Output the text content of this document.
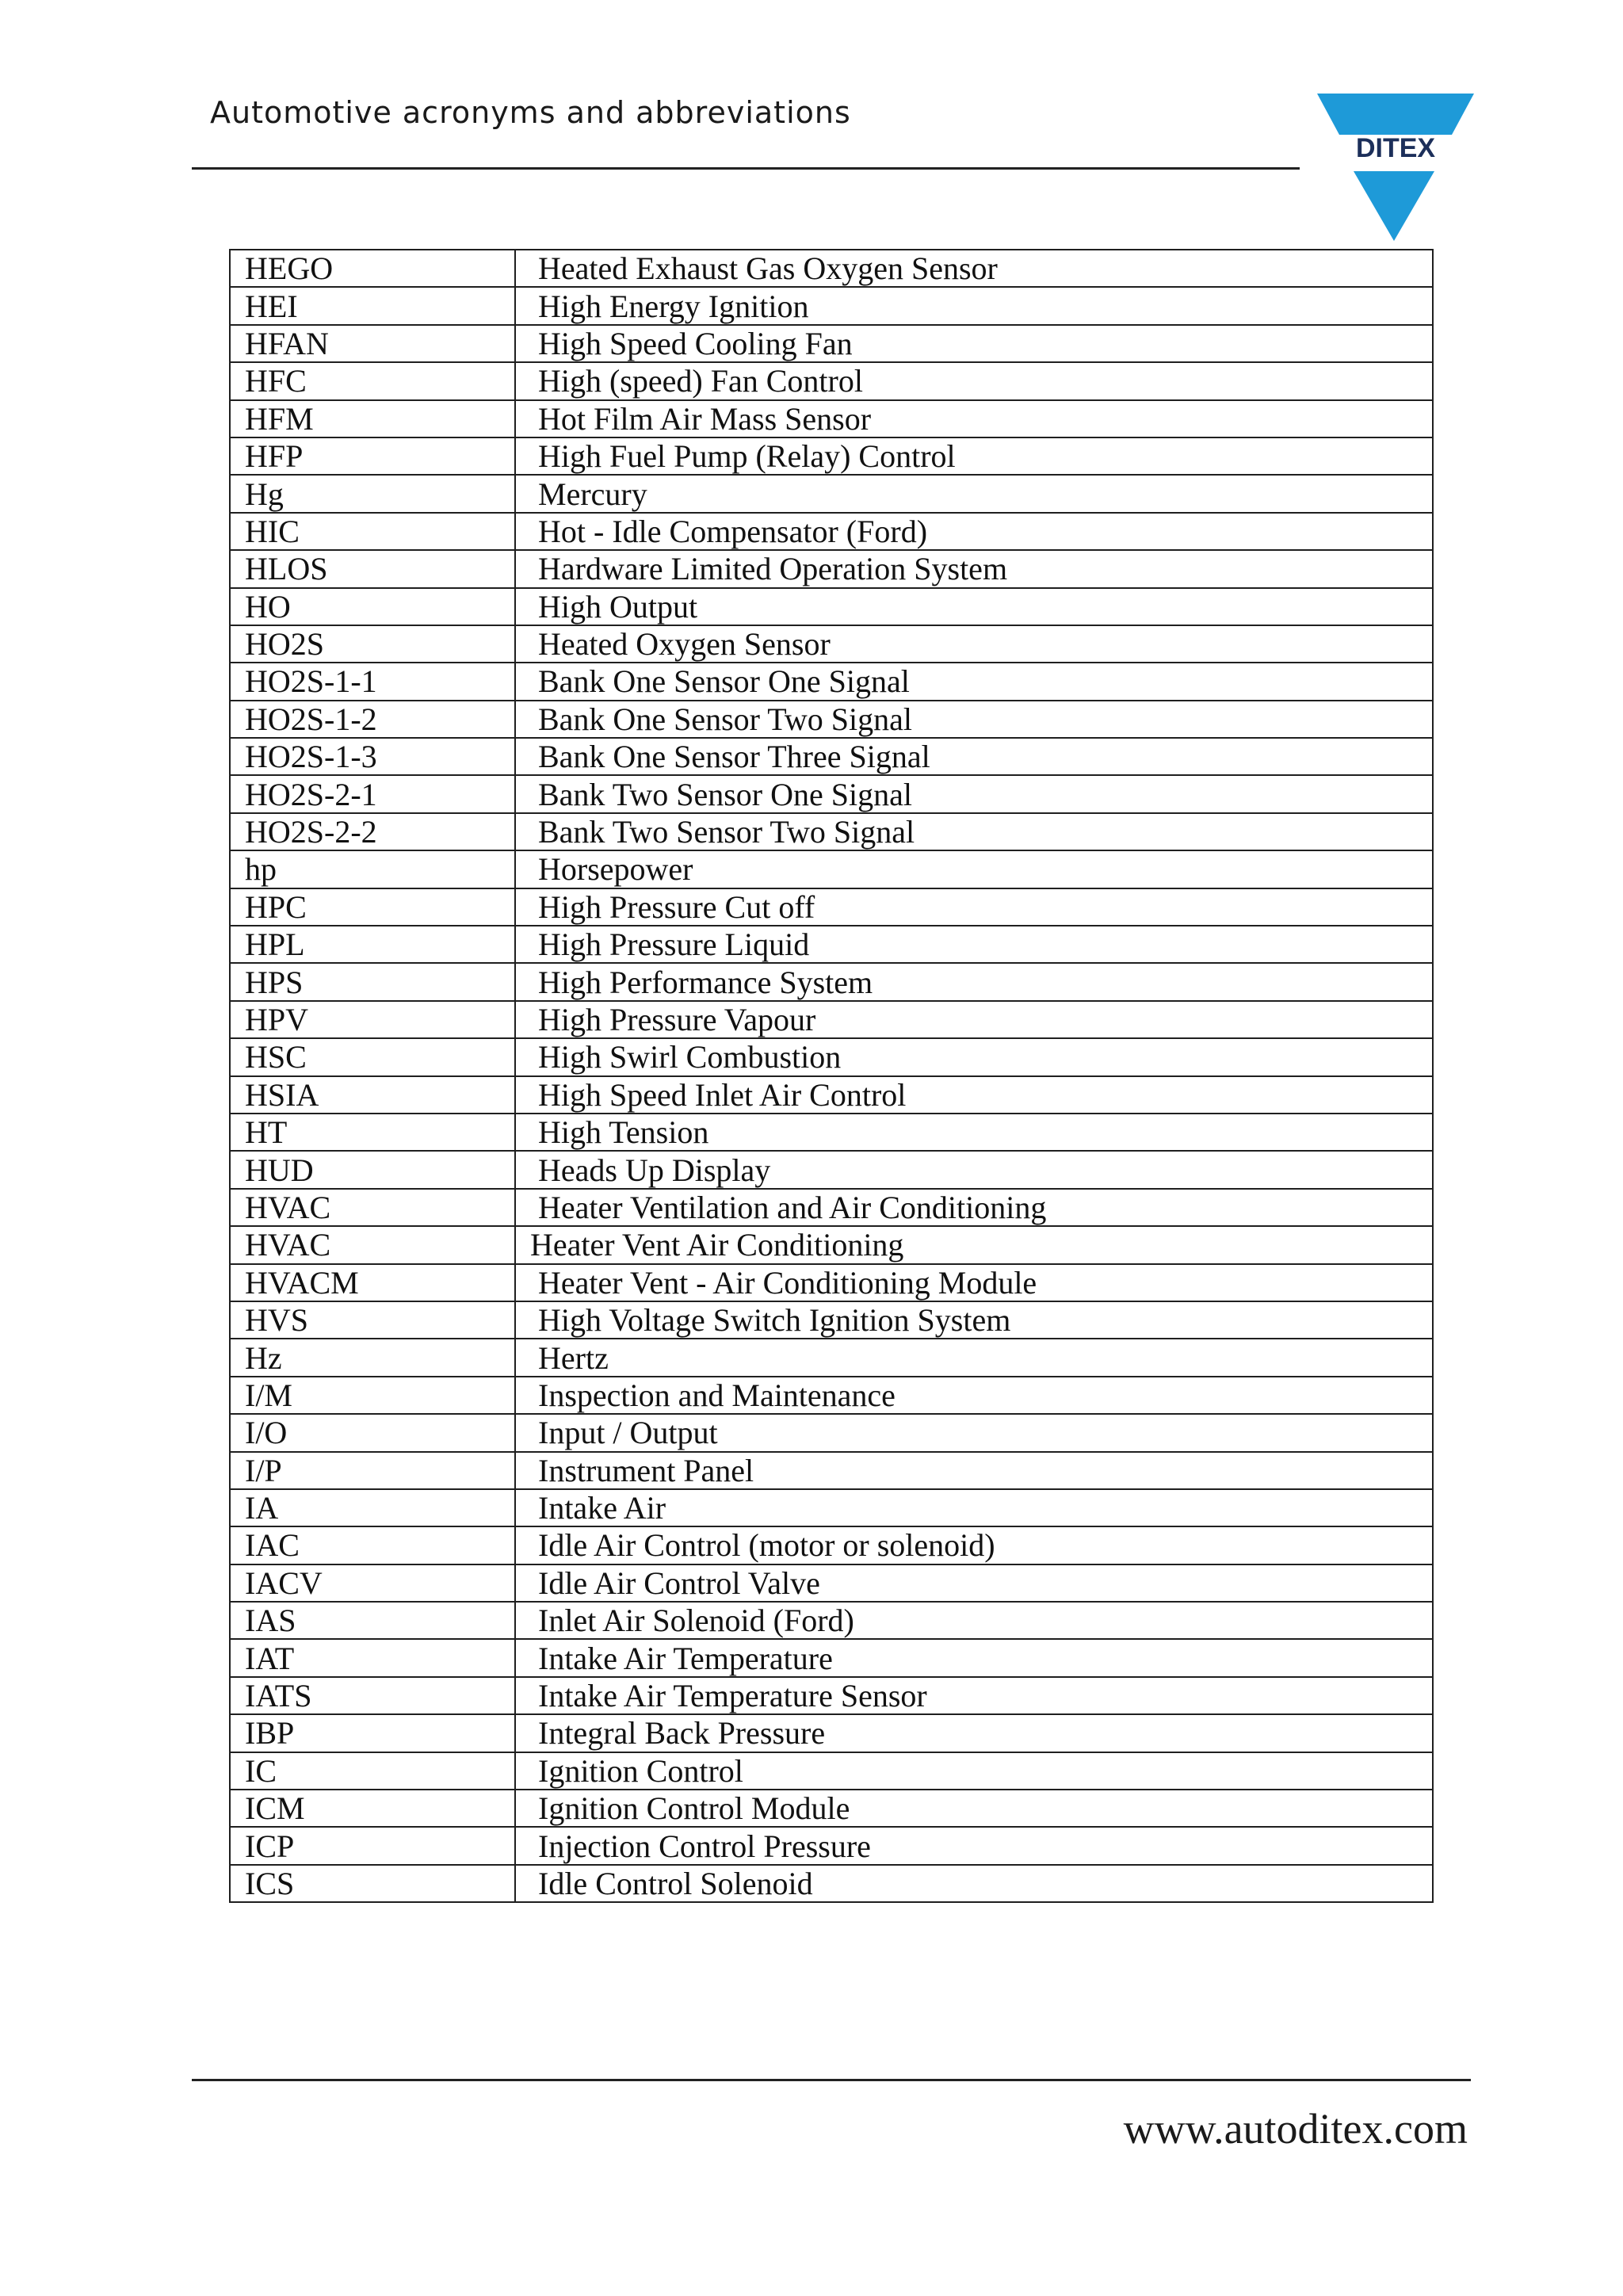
Automotive acronyms and abbreviations
DITEX
HEGO	Heated Exhaust Gas Oxygen Sensor
HEI	High Energy Ignition
HFAN	High Speed Cooling Fan
HFC	High (speed) Fan Control
HFM	Hot Film Air Mass Sensor
HFP	High Fuel Pump (Relay) Control
Hg	Mercury
HIC	Hot - Idle Compensator (Ford)
HLOS	Hardware Limited Operation System
HO	High Output
HO2S	Heated Oxygen Sensor
HO2S-1-1	Bank One Sensor One Signal
HO2S-1-2	Bank One Sensor Two Signal
HO2S-1-3	Bank One Sensor Three Signal
HO2S-2-1	Bank Two Sensor One Signal
HO2S-2-2	Bank Two Sensor Two Signal
hp	Horsepower
HPC	High Pressure Cut off
HPL	High Pressure Liquid
HPS	High Performance System
HPV	High Pressure Vapour
HSC	High Swirl Combustion
HSIA	High Speed Inlet Air Control
HT	High Tension
HUD	Heads Up Display
HVAC	Heater Ventilation and Air Conditioning
HVAC	Heater Vent Air Conditioning
HVACM	Heater Vent - Air Conditioning Module
HVS	High Voltage Switch Ignition System
Hz	Hertz
I/M	Inspection and Maintenance
I/O	Input / Output
I/P	Instrument Panel
IA	Intake Air
IAC	Idle Air Control (motor or solenoid)
IACV	Idle Air Control Valve
IAS	Inlet Air Solenoid (Ford)
IAT	Intake Air Temperature
IATS	Intake Air Temperature Sensor
IBP	Integral Back Pressure
IC	Ignition Control
ICM	Ignition Control Module
ICP	Injection Control Pressure
ICS	Idle Control Solenoid
www.autoditex.com
